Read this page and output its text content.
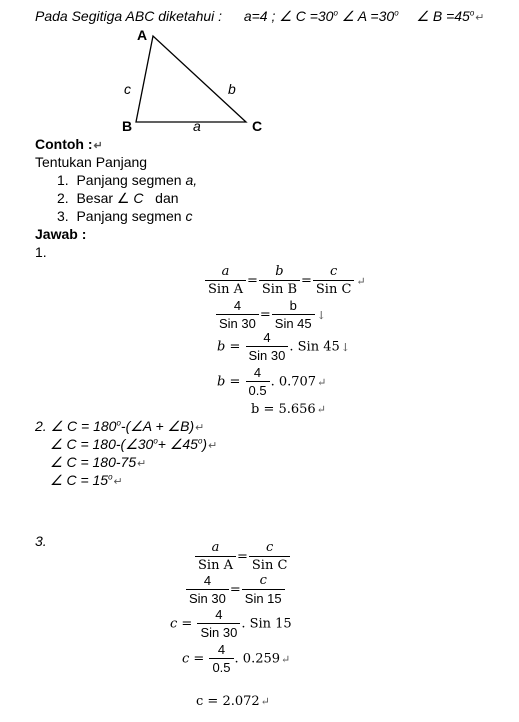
Pada Segitiga ABC diketahui : a=4 ; ∠ $C =30^o$ ∠ $A =30^o$ ∠ $B =45^o↵$
A
B	C
a
b
c
Contoh :↵
Tentukan Panjang
1. Panjang segmen a,
2. Besar ∠ C dan
3. Panjang segmen c
Jawab :
1.
$\frac{a}{\text{Sin A}} = \frac{b}{\text{Sin B}} = \frac{c}{\text{Sin C}}$ ↵
$\frac{4}{\text{Sin 30}} = \frac{b}{\text{Sin 45}}$ ↓
$b = \frac{4}{\text{Sin 30}}$ . Sin 45↓
$b = \frac{4}{0.5}$ . 0.707↵
b = 5.656↵
2. ∠ $C = 180^o-(\angle A$ + ∠B)↵
∠ $C = 180-(\angle 30^o+$ $\angle 45^o)↵$
∠ C = 180-75↵
∠ $C = 15^o↵$
3.	$\frac{a}{\text{Sin A}} = \frac{c}{\text{Sin C}}$
$\frac{4}{\text{Sin 30}} = \frac{c}{\text{Sin 15}}$
$c = \frac{4}{\text{Sin 30}}$ . Sin 15
$c = \frac{4}{0.5}$ . 0.259↵
c = 2.072↵
